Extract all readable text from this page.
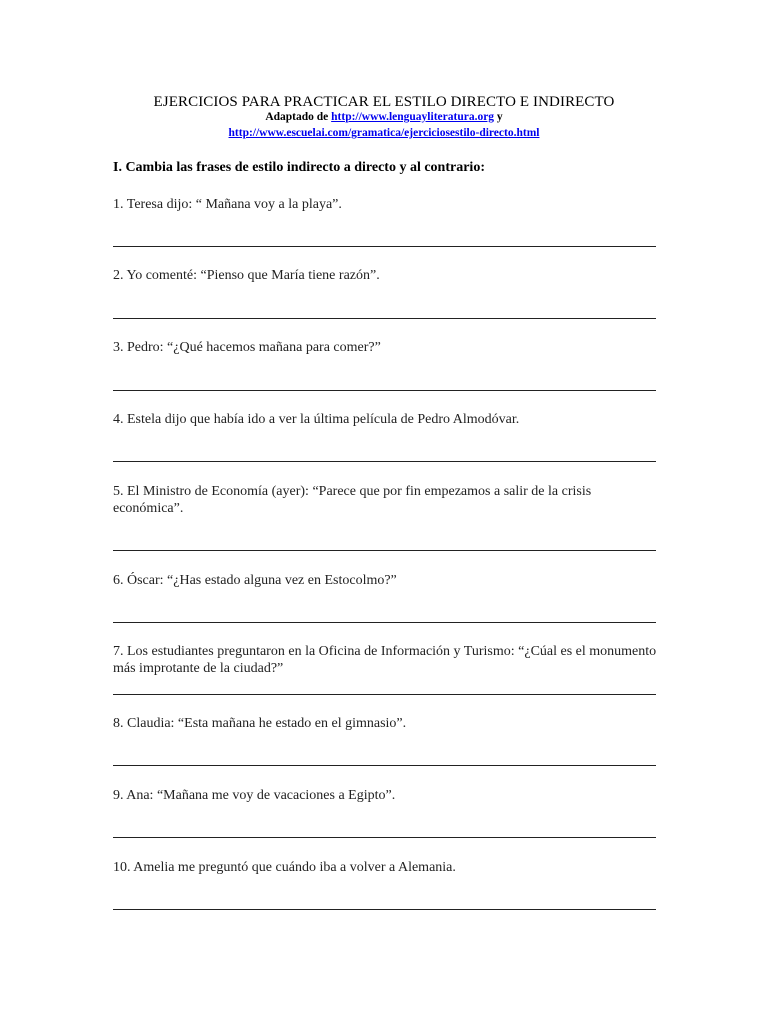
EJERCICIOS PARA PRACTICAR EL ESTILO DIRECTO E INDIRECTO
Adaptado de http://www.lenguayliteratura.org y
http://www.escuelai.com/gramatica/ejerciciosestilo-directo.html
I. Cambia las frases de estilo indirecto a directo y al contrario:
1. Teresa dijo: “ Mañana voy a la playa”.
2. Yo comenté: “Pienso que María tiene razón”.
3. Pedro: “¿Qué hacemos mañana para comer?”
4. Estela dijo que había ido a ver la última película de Pedro Almodóvar.
5. El Ministro de Economía (ayer): “Parece que por fin empezamos a salir de la crisis económica”.
6. Óscar: “¿Has estado alguna vez en Estocolmo?”
7. Los estudiantes preguntaron en la Oficina de Información y Turismo: “¿Cúal es el monumento más improtante de la ciudad?”
8. Claudia: “Esta mañana he estado en el gimnasio”.
9. Ana: “Mañana me voy de vacaciones a Egipto”.
10. Amelia me preguntó que cuándo iba a volver a Alemania.
